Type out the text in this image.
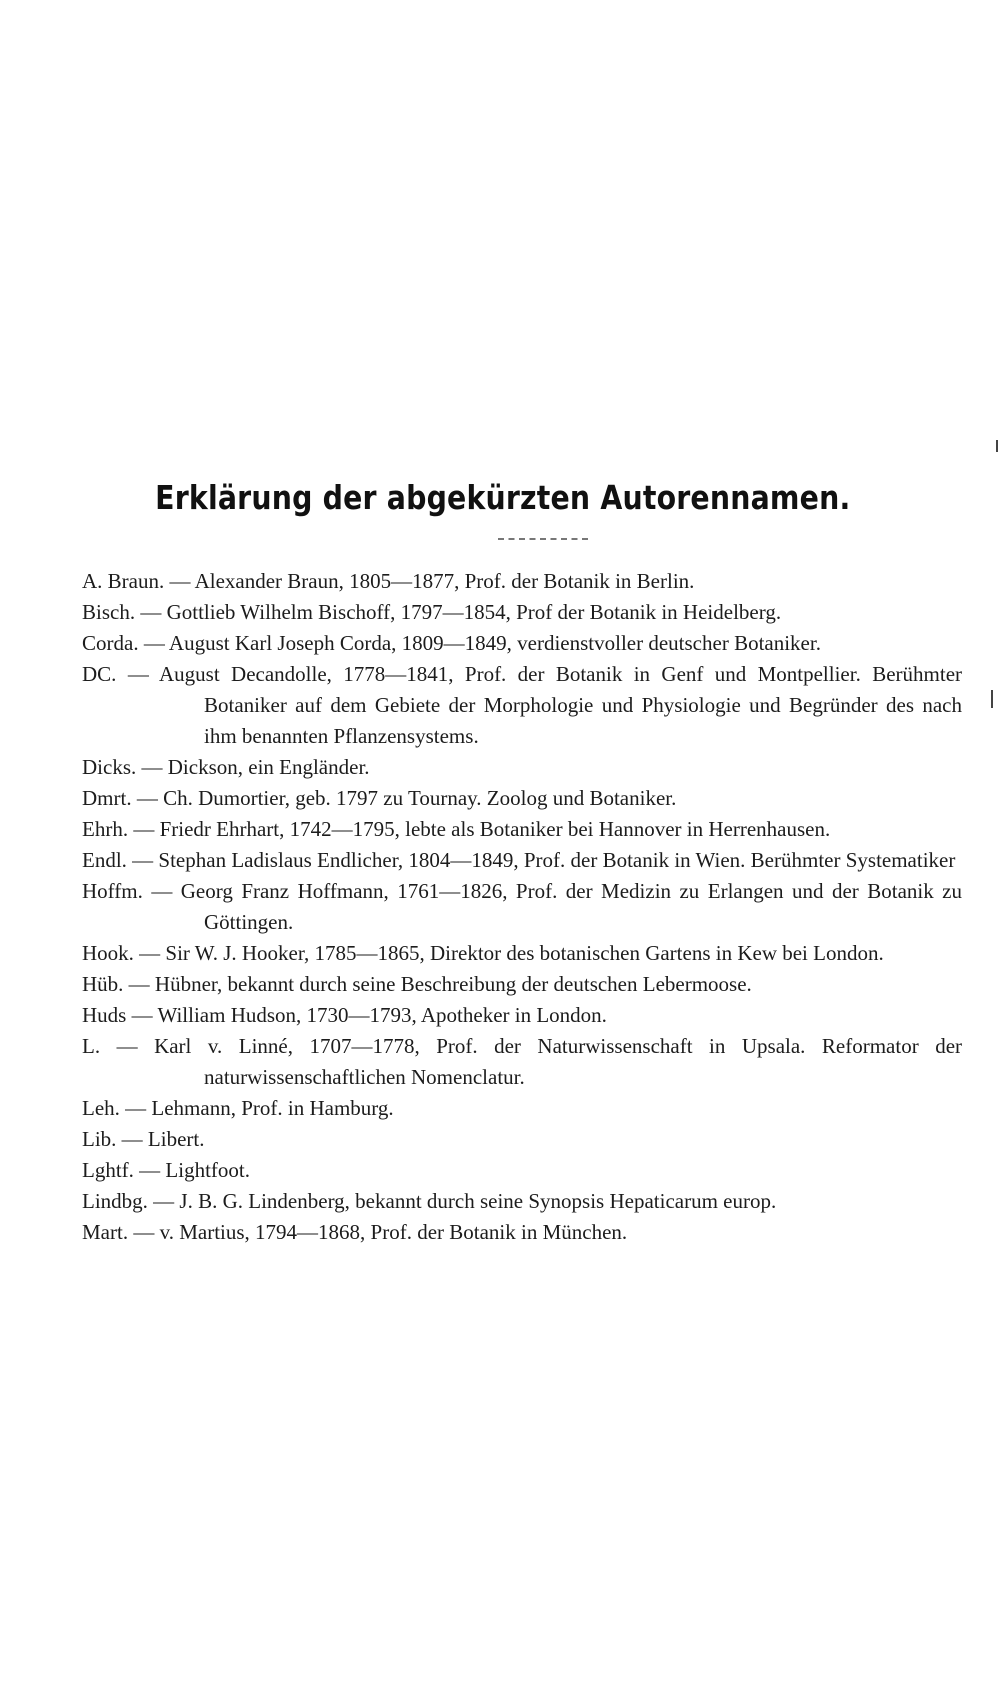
Erklärung der abgekürzten Autorennamen.
A. Braun. — Alexander Braun, 1805—1877, Prof. der Botanik in Berlin.
Bisch. — Gottlieb Wilhelm Bischoff, 1797—1854, Prof der Botanik in Heidelberg.
Corda. — August Karl Joseph Corda, 1809—1849, verdienstvoller deutscher Botaniker.
DC. — August Decandolle, 1778—1841, Prof. der Botanik in Genf und Montpellier. Berühmter Botaniker auf dem Gebiete der Morphologie und Physiologie und Begründer des nach ihm benannten Pflanzensystems.
Dicks. — Dickson, ein Engländer.
Dmrt. — Ch. Dumortier, geb. 1797 zu Tournay. Zoolog und Botaniker.
Ehrh. — Friedr Ehrhart, 1742—1795, lebte als Botaniker bei Hannover in Herrenhausen.
Endl. — Stephan Ladislaus Endlicher, 1804—1849, Prof. der Botanik in Wien. Berühmter Systematiker
Hoffm. — Georg Franz Hoffmann, 1761—1826, Prof. der Medizin zu Erlangen und der Botanik zu Göttingen.
Hook. — Sir W. J. Hooker, 1785—1865, Direktor des botanischen Gartens in Kew bei London.
Hüb. — Hübner, bekannt durch seine Beschreibung der deutschen Lebermoose.
Huds — William Hudson, 1730—1793, Apotheker in London.
L. — Karl v. Linné, 1707—1778, Prof. der Naturwissenschaft in Upsala. Reformator der naturwissenschaftlichen Nomenclatur.
Leh. — Lehmann, Prof. in Hamburg.
Lib. — Libert.
Lghtf. — Lightfoot.
Lindbg. — J. B. G. Lindenberg, bekannt durch seine Synopsis Hepaticarum europ.
Mart. — v. Martius, 1794—1868, Prof. der Botanik in München.
